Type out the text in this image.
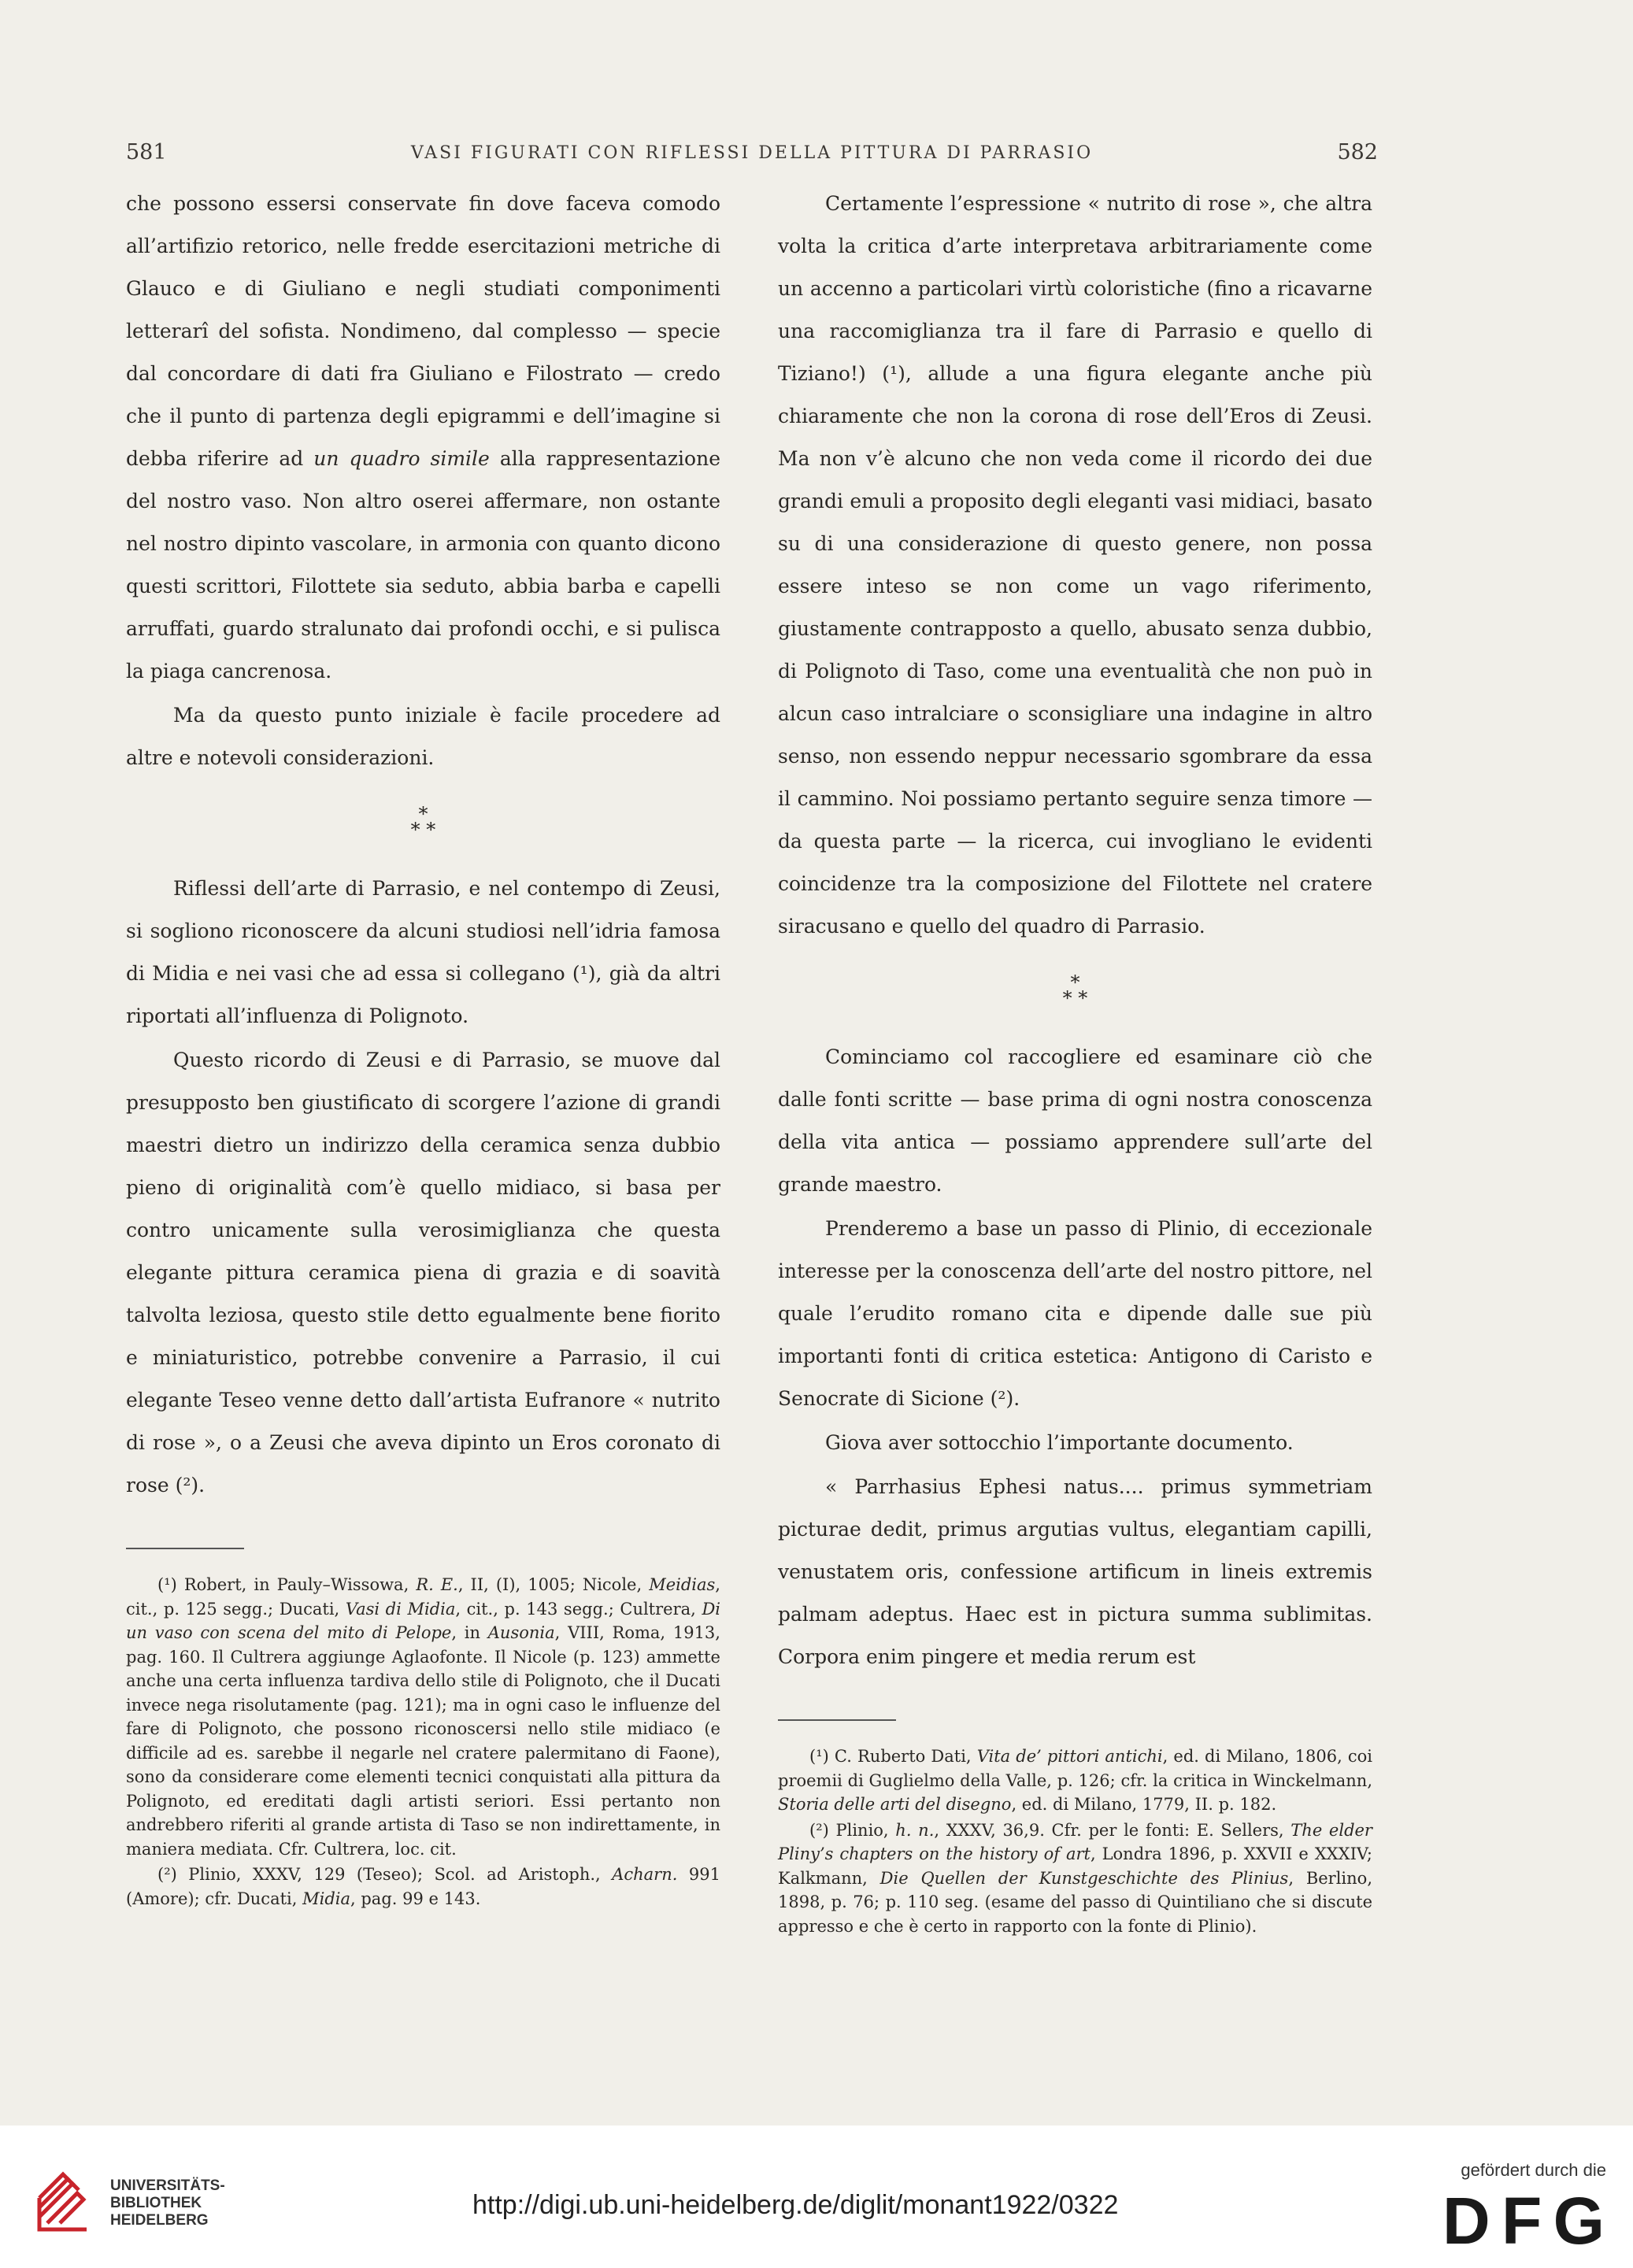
581	VASI FIGURATI CON RIFLESSI DELLA PITTURA DI PARRASIO	582

che possono essersi conservate fin dove faceva comodo all’artifizio retorico, nelle fredde esercitazioni metriche di Glauco e di Giuliano e negli studiati componimenti letterarî del sofista. Nondimeno, dal complesso — specie dal concordare di dati fra Giuliano e Filostrato — credo che il punto di partenza degli epigrammi e dell’imagine si debba riferire ad un quadro simile alla rappresentazione del nostro vaso. Non altro oserei affermare, non ostante nel nostro dipinto vascolare, in armonia con quanto dicono questi scrittori, Filottete sia seduto, abbia barba e capelli arruffati, guardo stralunato dai profondi occhi, e si pulisca la piaga cancrenosa.

Ma da questo punto iniziale è facile procedere ad altre e notevoli considerazioni.

*
* *

Riflessi dell’arte di Parrasio, e nel contempo di Zeusi, si sogliono riconoscere da alcuni studiosi nell’idria famosa di Midia e nei vasi che ad essa si collegano (¹), già da altri riportati all’influenza di Polignoto.

Questo ricordo di Zeusi e di Parrasio, se muove dal presupposto ben giustificato di scorgere l’azione di grandi maestri dietro un indirizzo della ceramica senza dubbio pieno di originalità com’è quello midiaco, si basa per contro unicamente sulla verosimiglianza che questa elegante pittura ceramica piena di grazia e di soavità talvolta leziosa, questo stile detto egualmente bene fiorito e miniaturistico, potrebbe convenire a Parrasio, il cui elegante Teseo venne detto dall’artista Eufranore « nutrito di rose », o a Zeusi che aveva dipinto un Eros coronato di rose (²).

(¹) Robert, in Pauly–Wissowa, R. E., II, (I), 1005; Nicole, Meidias, cit., p. 125 segg.; Ducati, Vasi di Midia, cit., p. 143 segg.; Cultrera, Di un vaso con scena del mito di Pelope, in Ausonia, VIII, Roma, 1913, pag. 160. Il Cultrera aggiunge Aglaofonte. Il Nicole (p. 123) ammette anche una certa influenza tardiva dello stile di Polignoto, che il Ducati invece nega risolutamente (pag. 121); ma in ogni caso le influenze del fare di Polignoto, che possono riconoscersi nello stile midiaco (e difficile ad es. sarebbe il negarle nel cratere palermitano di Faone), sono da considerare come elementi tecnici conquistati alla pittura da Polignoto, ed ereditati dagli artisti seriori. Essi pertanto non andrebbero riferiti al grande artista di Taso se non indirettamente, in maniera mediata. Cfr. Cultrera, loc. cit.

(²) Plinio, XXXV, 129 (Teseo); Scol. ad Aristoph., Acharn. 991 (Amore); cfr. Ducati, Midia, pag. 99 e 143.

Certamente l’espressione « nutrito di rose », che altra volta la critica d’arte interpretava arbitrariamente come un accenno a particolari virtù coloristiche (fino a ricavarne una raccomiglianza tra il fare di Parrasio e quello di Tiziano!) (¹), allude a una figura elegante anche più chiaramente che non la corona di rose dell’Eros di Zeusi. Ma non v’è alcuno che non veda come il ricordo dei due grandi emuli a proposito degli eleganti vasi midiaci, basato su di una considerazione di questo genere, non possa essere inteso se non come un vago riferimento, giustamente contrapposto a quello, abusato senza dubbio, di Polignoto di Taso, come una eventualità che non può in alcun caso intralciare o sconsigliare una indagine in altro senso, non essendo neppur necessario sgombrare da essa il cammino. Noi possiamo pertanto seguire senza timore — da questa parte — la ricerca, cui invogliano le evidenti coincidenze tra la composizione del Filottete nel cratere siracusano e quello del quadro di Parrasio.

*
* *

Cominciamo col raccogliere ed esaminare ciò che dalle fonti scritte — base prima di ogni nostra conoscenza della vita antica — possiamo apprendere sull’arte del grande maestro.

Prenderemo a base un passo di Plinio, di eccezionale interesse per la conoscenza dell’arte del nostro pittore, nel quale l’erudito romano cita e dipende dalle sue più importanti fonti di critica estetica: Antigono di Caristo e Senocrate di Sicione (²).

Giova aver sottocchio l’importante documento.

« Parrhasius Ephesi natus.... primus symmetriam picturae dedit, primus argutias vultus, elegantiam capilli, venustatem oris, confessione artificum in lineis extremis palmam adeptus. Haec est in pictura summa sublimitas. Corpora enim pingere et media rerum est

(¹) C. Ruberto Dati, Vita de’ pittori antichi, ed. di Milano, 1806, coi proemii di Guglielmo della Valle, p. 126; cfr. la critica in Winckelmann, Storia delle arti del disegno, ed. di Milano, 1779, II. p. 182.

(²) Plinio, h. n., XXXV, 36,9. Cfr. per le fonti: E. Sellers, The elder Pliny’s chapters on the history of art, Londra 1896, p. XXVII e XXXIV; Kalkmann, Die Quellen der Kunstgeschichte des Plinius, Berlino, 1898, p. 76; p. 110 seg. (esame del passo di Quintiliano che si discute appresso e che è certo in rapporto con la fonte di Plinio).

UNIVERSITÄTS-
BIBLIOTHEK
HEIDELBERG
http://digi.ub.uni-heidelberg.de/diglit/monant1922/0322
gefördert durch die
DFG
